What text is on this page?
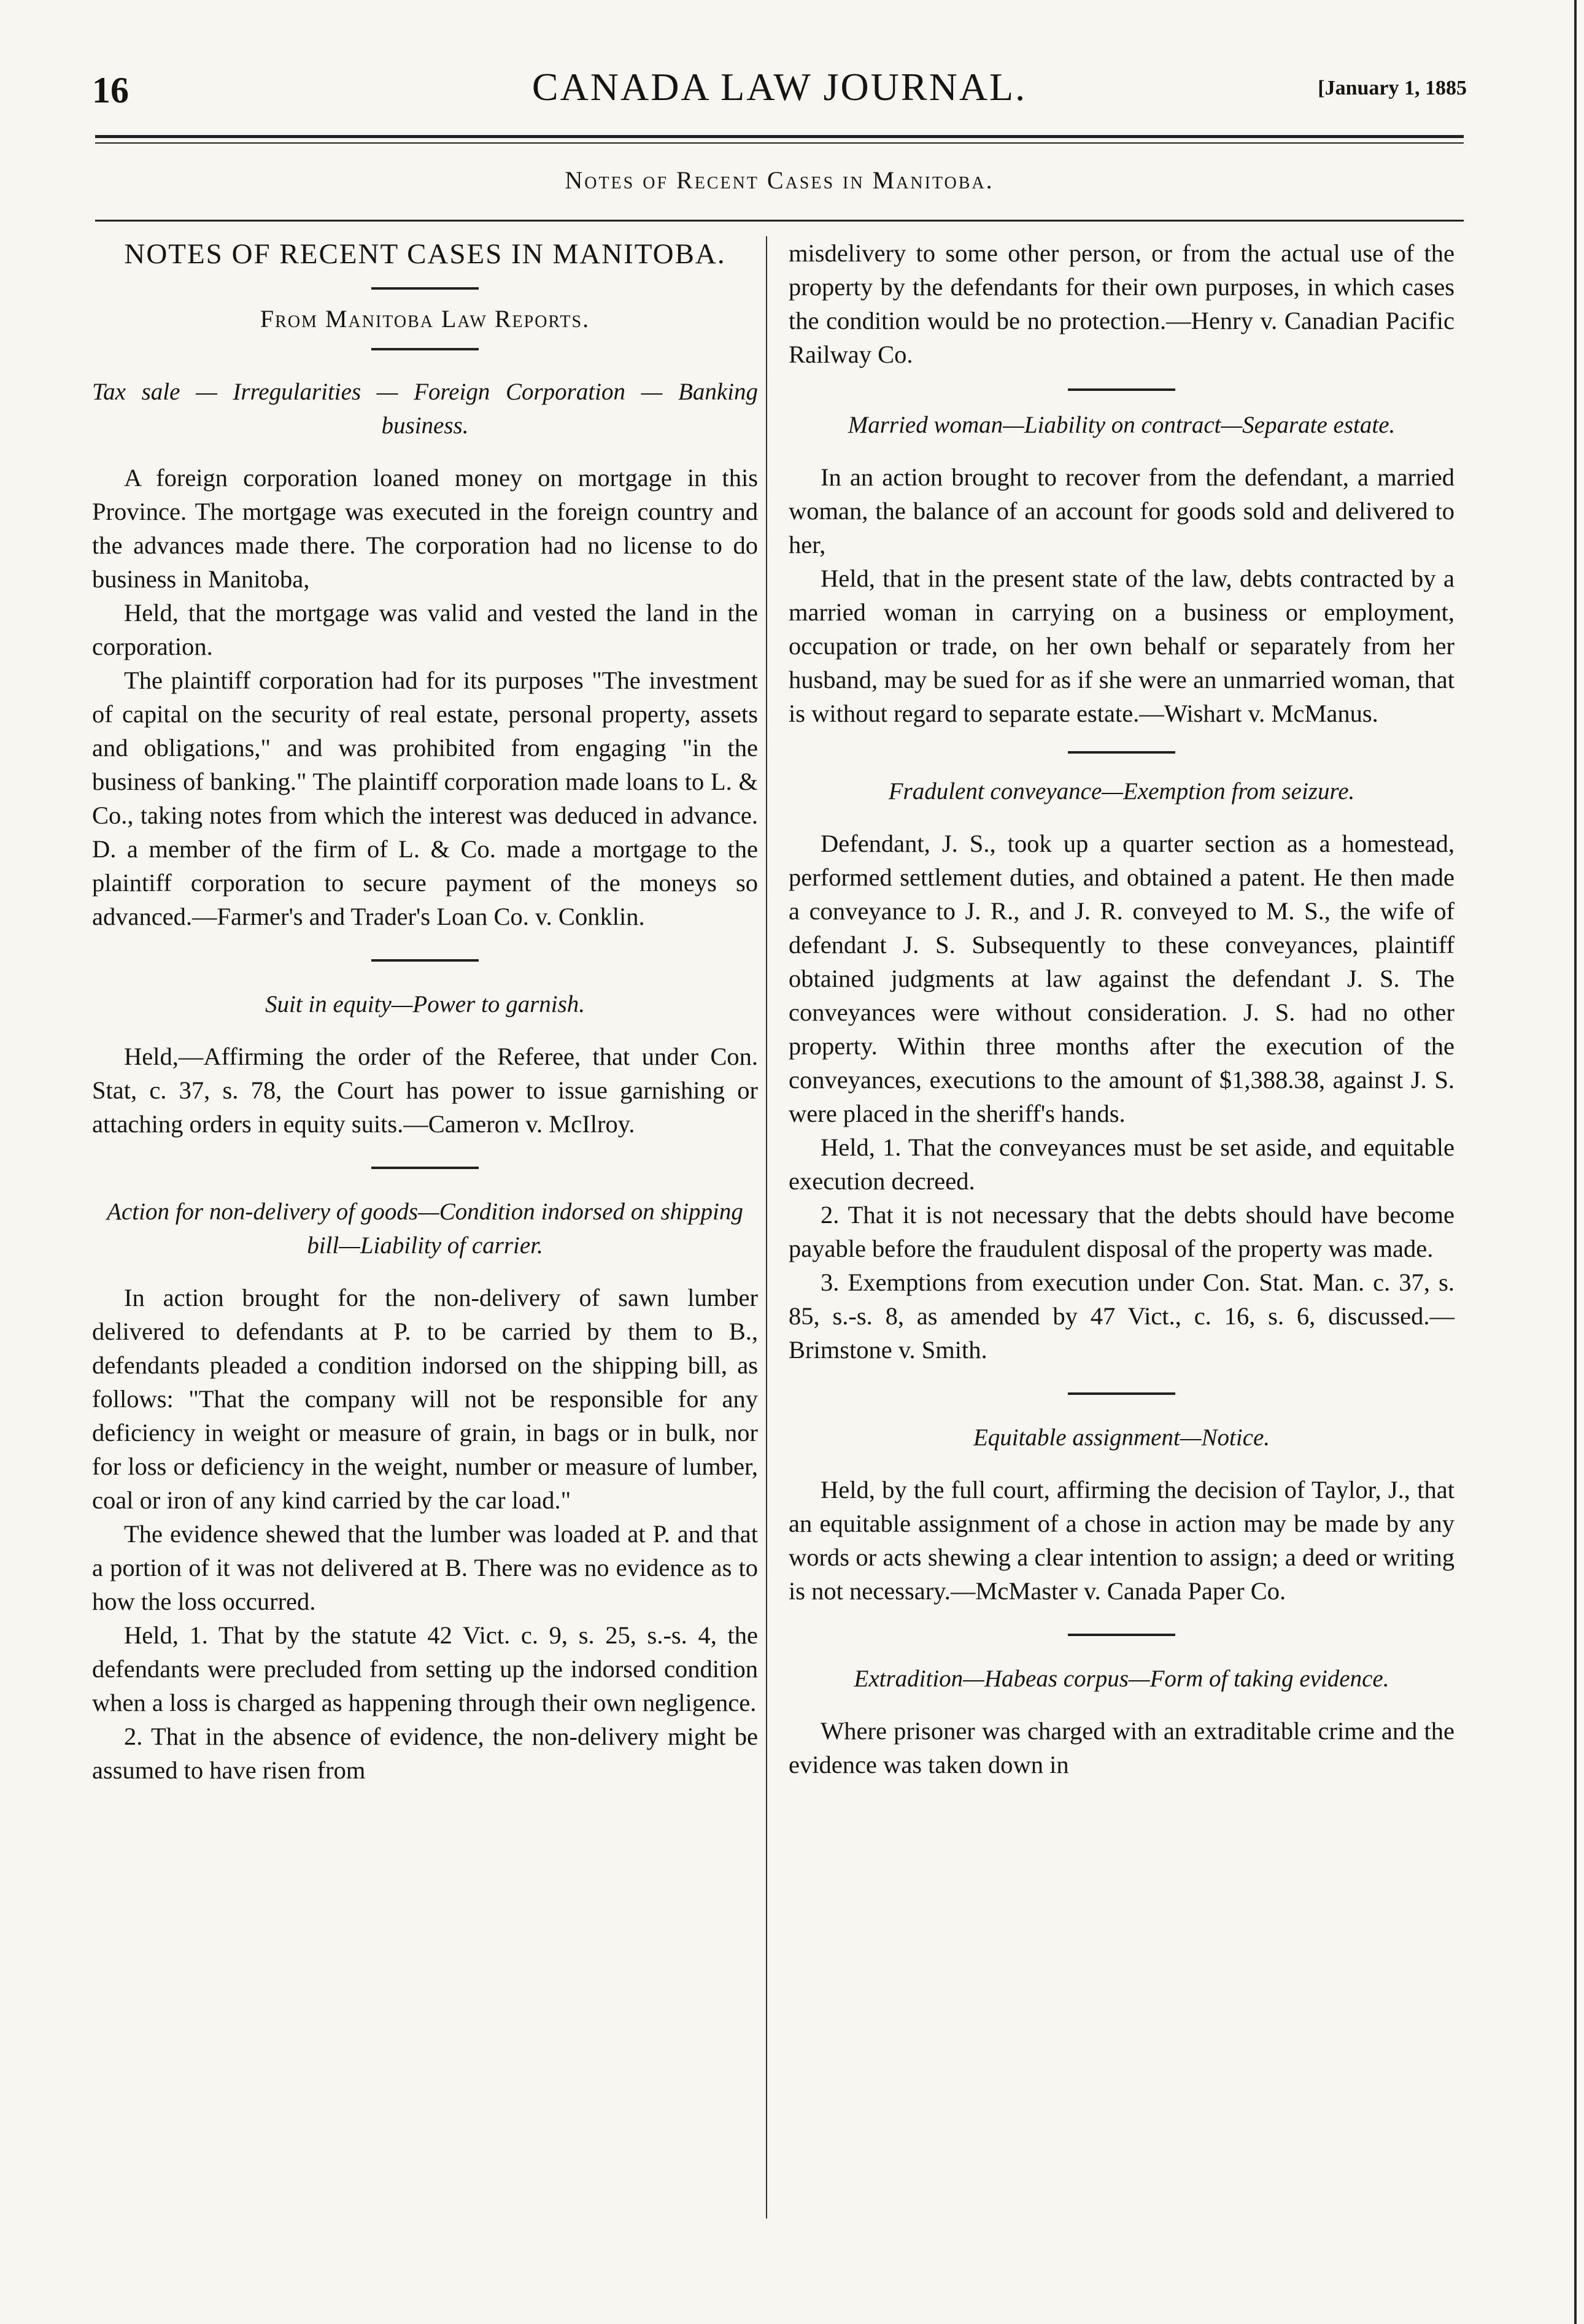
16	CANADA LAW JOURNAL.	[January 1, 1885
Notes of Recent Cases in Manitoba.
NOTES OF RECENT CASES IN MANITOBA.
From Manitoba Law Reports.
Tax sale — Irregularities — Foreign Corporation — Banking business.

A foreign corporation loaned money on mortgage in this Province. The mortgage was executed in the foreign country and the advances made there. The corporation had no license to do business in Manitoba,

Held, that the mortgage was valid and vested the land in the corporation.

The plaintiff corporation had for its purposes "The investment of capital on the security of real estate, personal property, assets and obligations," and was prohibited from engaging "in the business of banking." The plaintiff corporation made loans to L. & Co., taking notes from which the interest was deduced in advance. D. a member of the firm of L. & Co. made a mortgage to the plaintiff corporation to secure payment of the moneys so advanced.—Farmer's and Trader's Loan Co. v. Conklin.

Suit in equity—Power to garnish.

Held,—Affirming the order of the Referee, that under Con. Stat, c. 37, s. 78, the Court has power to issue garnishing or attaching orders in equity suits.—Cameron v. McIlroy.

Action for non-delivery of goods—Condition indorsed on shipping bill—Liability of carrier.

In action brought for the non-delivery of sawn lumber delivered to defendants at P. to be carried by them to B., defendants pleaded a condition indorsed on the shipping bill, as follows: "That the company will not be responsible for any deficiency in weight or measure of grain, in bags or in bulk, nor for loss or deficiency in the weight, number or measure of lumber, coal or iron of any kind carried by the car load."

The evidence shewed that the lumber was loaded at P. and that a portion of it was not delivered at B. There was no evidence as to how the loss occurred.

Held, 1. That by the statute 42 Vict. c. 9, s. 25, s.-s. 4, the defendants were precluded from setting up the indorsed condition when a loss is charged as happening through their own negligence.

2. That in the absence of evidence, the non-delivery might be assumed to have risen from

misdelivery to some other person, or from the actual use of the property by the defendants for their own purposes, in which cases the condition would be no protection.—Henry v. Canadian Pacific Railway Co.

Married woman—Liability on contract—Separate estate.

In an action brought to recover from the defendant, a married woman, the balance of an account for goods sold and delivered to her,

Held, that in the present state of the law, debts contracted by a married woman in carrying on a business or employment, occupation or trade, on her own behalf or separately from her husband, may be sued for as if she were an unmarried woman, that is without regard to separate estate.—Wishart v. McManus.

Fradulent conveyance—Exemption from seizure.

Defendant, J. S., took up a quarter section as a homestead, performed settlement duties, and obtained a patent. He then made a conveyance to J. R., and J. R. conveyed to M. S., the wife of defendant J. S. Subsequently to these conveyances, plaintiff obtained judgments at law against the defendant J. S. The conveyances were without consideration. J. S. had no other property. Within three months after the execution of the conveyances, executions to the amount of $1,388.38, against J. S. were placed in the sheriff's hands.

Held, 1. That the conveyances must be set aside, and equitable execution decreed.

2. That it is not necessary that the debts should have become payable before the fraudulent disposal of the property was made.

3. Exemptions from execution under Con. Stat. Man. c. 37, s. 85, s.-s. 8, as amended by 47 Vict., c. 16, s. 6, discussed.—Brimstone v. Smith.

Equitable assignment—Notice.

Held, by the full court, affirming the decision of Taylor, J., that an equitable assignment of a chose in action may be made by any words or acts shewing a clear intention to assign; a deed or writing is not necessary.—McMaster v. Canada Paper Co.

Extradition—Habeas corpus—Form of taking evidence.

Where prisoner was charged with an extraditable crime and the evidence was taken down in
